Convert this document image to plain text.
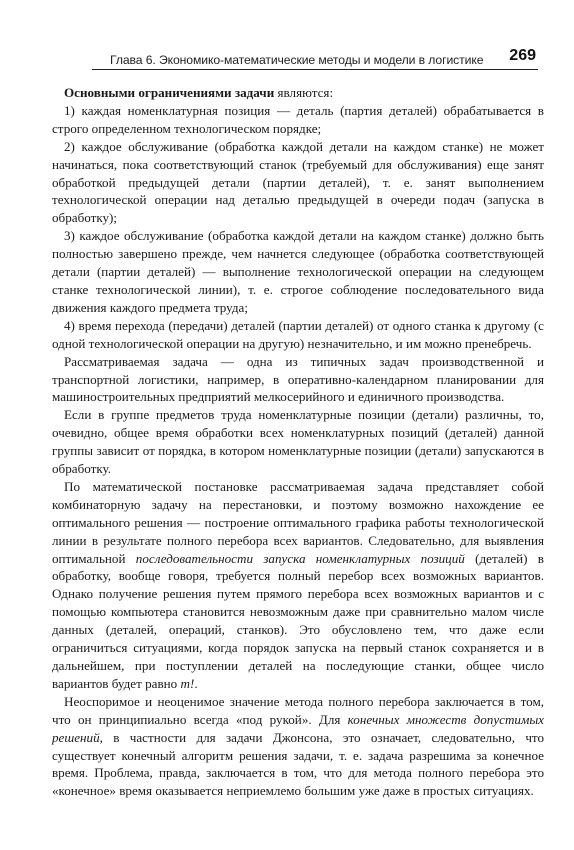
Глава 6. Экономико-математические методы и модели в логистике 269

Основными ограничениями задачи являются:

1) каждая номенклатурная позиция — деталь (партия деталей) обрабатывается в строго определенном технологическом порядке;

2) каждое обслуживание (обработка каждой детали на каждом станке) не может начинаться, пока соответствующий станок (требуемый для обслуживания) еще занят обработкой предыдущей детали (партии деталей), т. е. занят выполнением технологической операции над деталью предыдущей в очереди подач (запуска в обработку);

3) каждое обслуживание (обработка каждой детали на каждом станке) должно быть полностью завершено прежде, чем начнется следующее (обработка соответствующей детали (партии деталей) — выполнение технологической операции на следующем станке технологической линии), т. е. строгое соблюдение последовательного вида движения каждого предмета труда;

4) время перехода (передачи) деталей (партии деталей) от одного станка к другому (с одной технологической операции на другую) незначительно, и им можно пренебречь.

Рассматриваемая задача — одна из типичных задач производственной и транспортной логистики, например, в оперативно-календарном планировании для машиностроительных предприятий мелкосерийного и единичного производства.

Если в группе предметов труда номенклатурные позиции (детали) различны, то, очевидно, общее время обработки всех номенклатурных позиций (деталей) данной группы зависит от порядка, в котором номенклатурные позиции (детали) запускаются в обработку.

По математической постановке рассматриваемая задача представляет собой комбинаторную задачу на перестановки, и поэтому возможно нахождение ее оптимального решения — построение оптимального графика работы технологической линии в результате полного перебора всех вариантов. Следовательно, для выявления оптимальной последовательности запуска номенклатурных позиций (деталей) в обработку, вообще говоря, требуется полный перебор всех возможных вариантов. Однако получение решения путем прямого перебора всех возможных вариантов и с помощью компьютера становится невозможным даже при сравнительно малом числе данных (деталей, операций, станков). Это обусловлено тем, что даже если ограничиться ситуациями, когда порядок запуска на первый станок сохраняется и в дальнейшем, при поступлении деталей на последующие станки, общее число вариантов будет равно m!.

Неоспоримое и неоценимое значение метода полного перебора заключается в том, что он принципиально всегда «под рукой». Для конечных множеств допустимых решений, в частности для задачи Джонсона, это означает, следовательно, что существует конечный алгоритм решения задачи, т. е. задача разрешима за конечное время. Проблема, правда, заключается в том, что для метода полного перебора это «конечное» время оказывается неприемлемо большим уже даже в простых ситуациях.
